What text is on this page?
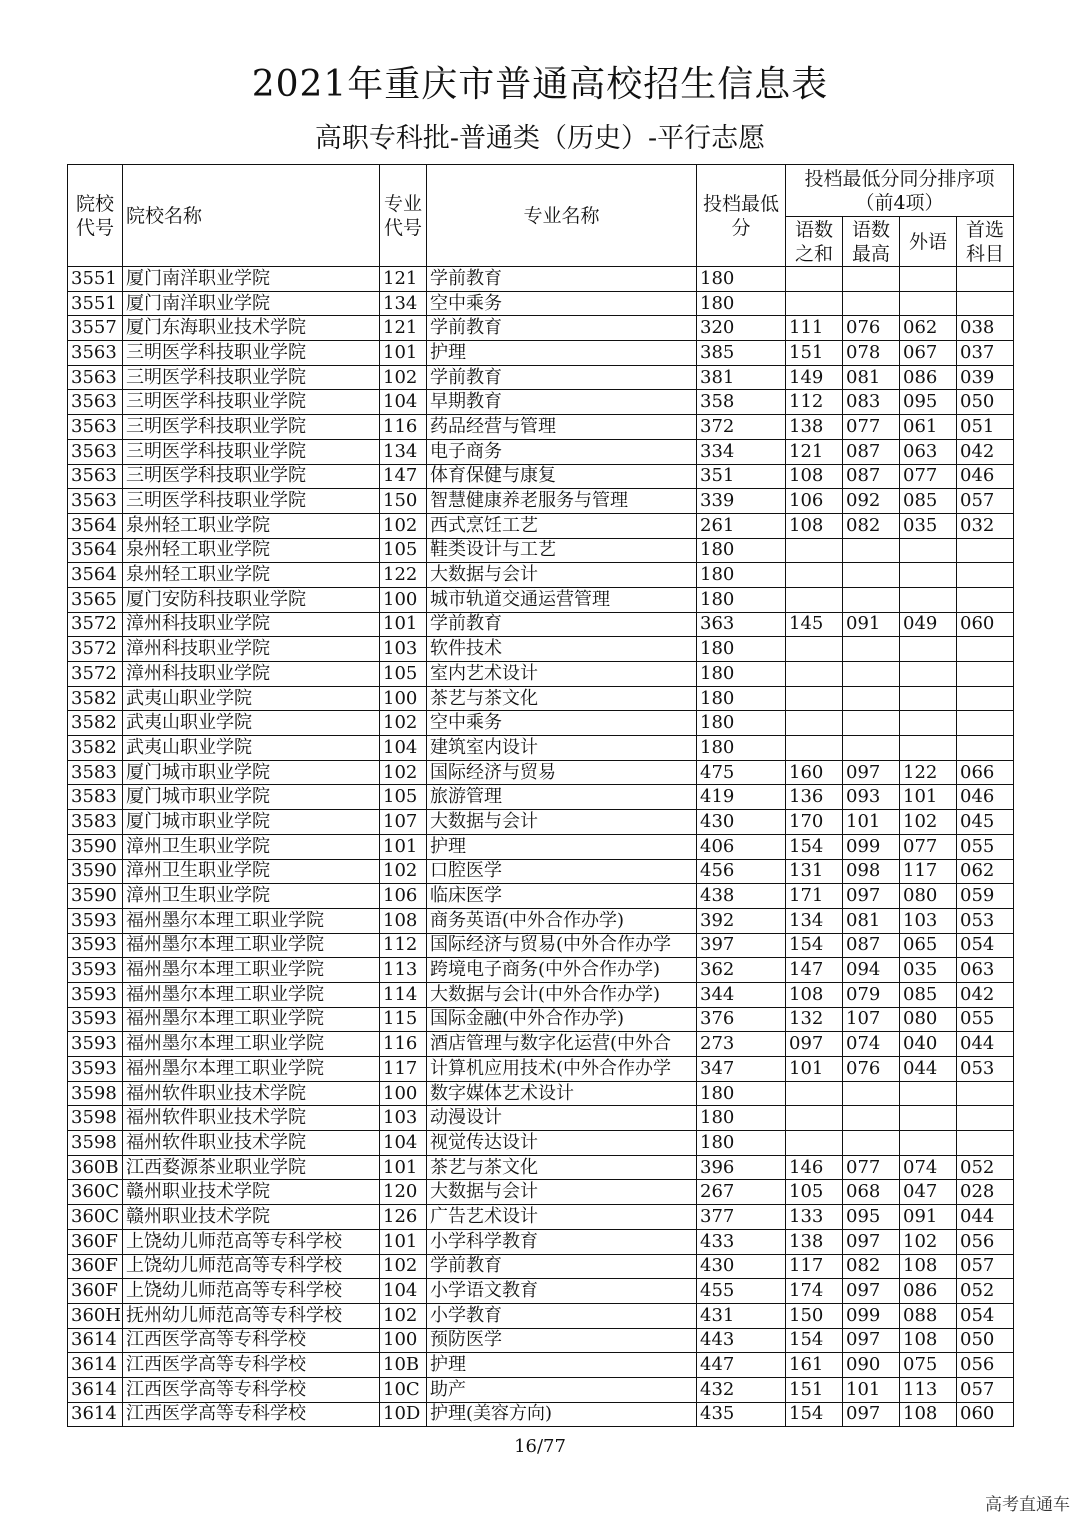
2021年重庆市普通高校招生信息表
高职专科批-普通类（历史）-平行志愿
院校代号	院校名称	专业代号	专业名称	投档最低分	投档最低分同分排序项（前4项）			
					语数之和	语数最高	外语	首选科目
3551	厦门南洋职业学院	121	学前教育	180				
3551	厦门南洋职业学院	134	空中乘务	180				
3557	厦门东海职业技术学院	121	学前教育	320	111	076	062	038
3563	三明医学科技职业学院	101	护理	385	151	078	067	037
3563	三明医学科技职业学院	102	学前教育	381	149	081	086	039
3563	三明医学科技职业学院	104	早期教育	358	112	083	095	050
3563	三明医学科技职业学院	116	药品经营与管理	372	138	077	061	051
3563	三明医学科技职业学院	134	电子商务	334	121	087	063	042
3563	三明医学科技职业学院	147	体育保健与康复	351	108	087	077	046
3563	三明医学科技职业学院	150	智慧健康养老服务与管理	339	106	092	085	057
3564	泉州轻工职业学院	102	西式烹饪工艺	261	108	082	035	032
3564	泉州轻工职业学院	105	鞋类设计与工艺	180				
3564	泉州轻工职业学院	122	大数据与会计	180				
3565	厦门安防科技职业学院	100	城市轨道交通运营管理	180				
3572	漳州科技职业学院	101	学前教育	363	145	091	049	060
3572	漳州科技职业学院	103	软件技术	180				
3572	漳州科技职业学院	105	室内艺术设计	180				
3582	武夷山职业学院	100	茶艺与茶文化	180				
3582	武夷山职业学院	102	空中乘务	180				
3582	武夷山职业学院	104	建筑室内设计	180				
3583	厦门城市职业学院	102	国际经济与贸易	475	160	097	122	066
3583	厦门城市职业学院	105	旅游管理	419	136	093	101	046
3583	厦门城市职业学院	107	大数据与会计	430	170	101	102	045
3590	漳州卫生职业学院	101	护理	406	154	099	077	055
3590	漳州卫生职业学院	102	口腔医学	456	131	098	117	062
3590	漳州卫生职业学院	106	临床医学	438	171	097	080	059
3593	福州墨尔本理工职业学院	108	商务英语(中外合作办学)	392	134	081	103	053
3593	福州墨尔本理工职业学院	112	国际经济与贸易(中外合作办学	397	154	087	065	054
3593	福州墨尔本理工职业学院	113	跨境电子商务(中外合作办学)	362	147	094	035	063
3593	福州墨尔本理工职业学院	114	大数据与会计(中外合作办学)	344	108	079	085	042
3593	福州墨尔本理工职业学院	115	国际金融(中外合作办学)	376	132	107	080	055
3593	福州墨尔本理工职业学院	116	酒店管理与数字化运营(中外合	273	097	074	040	044
3593	福州墨尔本理工职业学院	117	计算机应用技术(中外合作办学	347	101	076	044	053
3598	福州软件职业技术学院	100	数字媒体艺术设计	180				
3598	福州软件职业技术学院	103	动漫设计	180				
3598	福州软件职业技术学院	104	视觉传达设计	180				
360B	江西婺源茶业职业学院	101	茶艺与茶文化	396	146	077	074	052
360C	赣州职业技术学院	120	大数据与会计	267	105	068	047	028
360C	赣州职业技术学院	126	广告艺术设计	377	133	095	091	044
360F	上饶幼儿师范高等专科学校	101	小学科学教育	433	138	097	102	056
360F	上饶幼儿师范高等专科学校	102	学前教育	430	117	082	108	057
360F	上饶幼儿师范高等专科学校	104	小学语文教育	455	174	097	086	052
360H	抚州幼儿师范高等专科学校	102	小学教育	431	150	099	088	054
3614	江西医学高等专科学校	100	预防医学	443	154	097	108	050
3614	江西医学高等专科学校	10B	护理	447	161	090	075	056
3614	江西医学高等专科学校	10C	助产	432	151	101	113	057
3614	江西医学高等专科学校	10D	护理(美容方向)	435	154	097	108	060
16/77
高考直通车
